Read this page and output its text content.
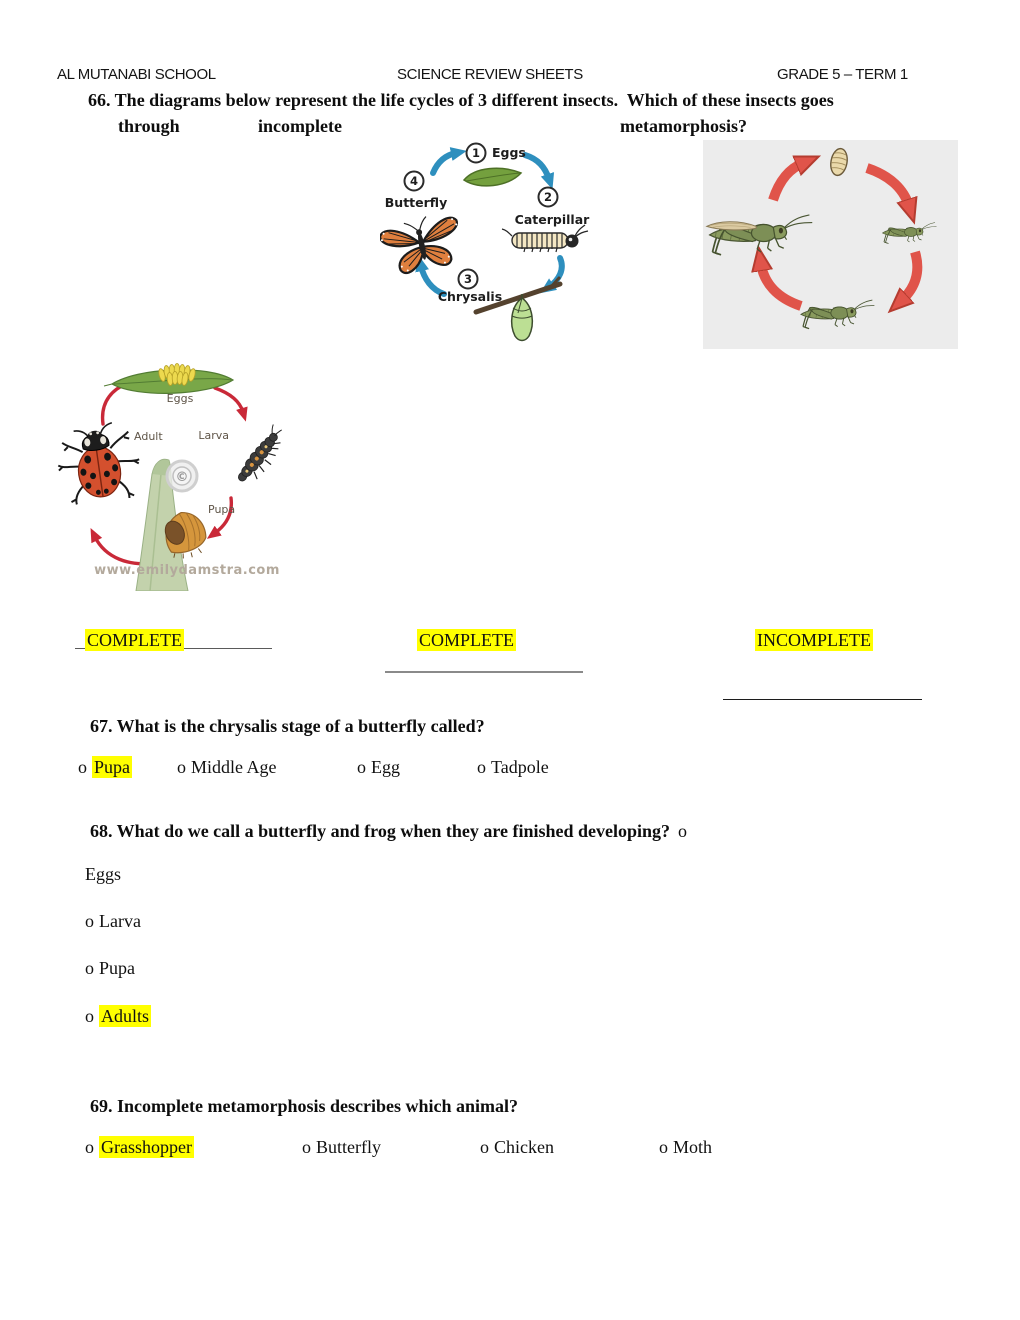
AL MUTANABI SCHOOL	SCIENCE REVIEW SHEETS	GRADE 5 – TERM 1
66. The diagrams below represent the life cycles of 3 different insects.  Which of these insects goes
through	incomplete	metamorphosis?
1 Eggs
2
Caterpillar
3
Chrysalis
4
Butterfly
Eggs
Larva
Pupa
©
Adult
www.emilydamstra.com
COMPLETE	COMPLETE	INCOMPLETE
67. What is the chrysalis stage of a butterfly called?
o Pupa	o Middle Age	o Egg	o Tadpole
68. What do we call a butterfly and frog when they are finished developing? o
Eggs
o Larva
o Pupa
o Adults
69. Incomplete metamorphosis describes which animal?
o Grasshopper	o Butterfly	o Chicken	o Moth
